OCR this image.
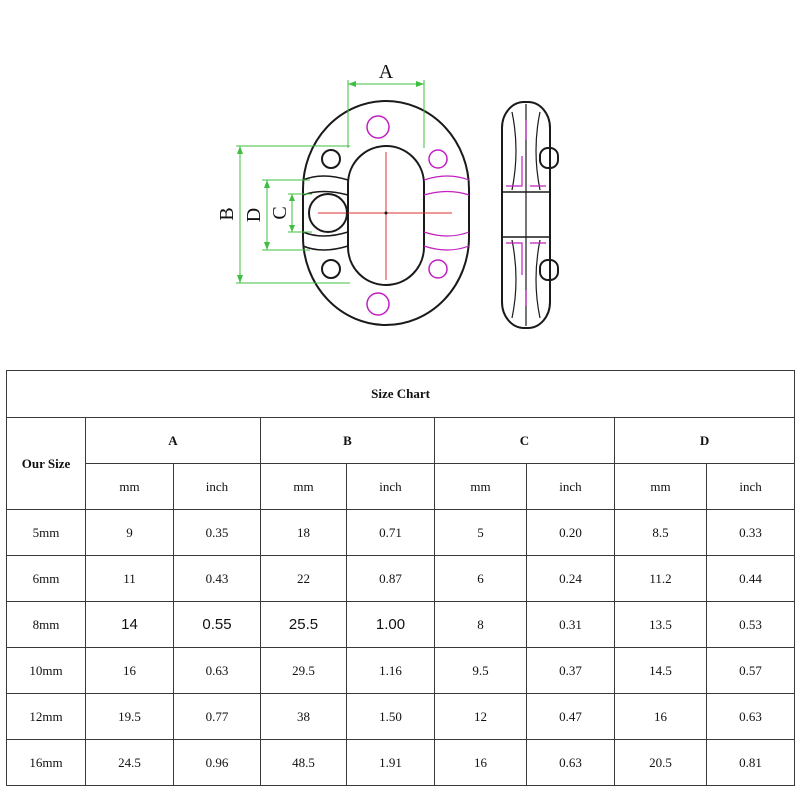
A
B D C
Size Chart								
Our Size	A		B		C		D	
	mm	inch	mm	inch	mm	inch	mm	inch
5mm	9	0.35	18	0.71	5	0.20	8.5	0.33
6mm	11	0.43	22	0.87	6	0.24	11.2	0.44
8mm	14	0.55	25.5	1.00	8	0.31	13.5	0.53
10mm	16	0.63	29.5	1.16	9.5	0.37	14.5	0.57
12mm	19.5	0.77	38	1.50	12	0.47	16	0.63
16mm	24.5	0.96	48.5	1.91	16	0.63	20.5	0.81
